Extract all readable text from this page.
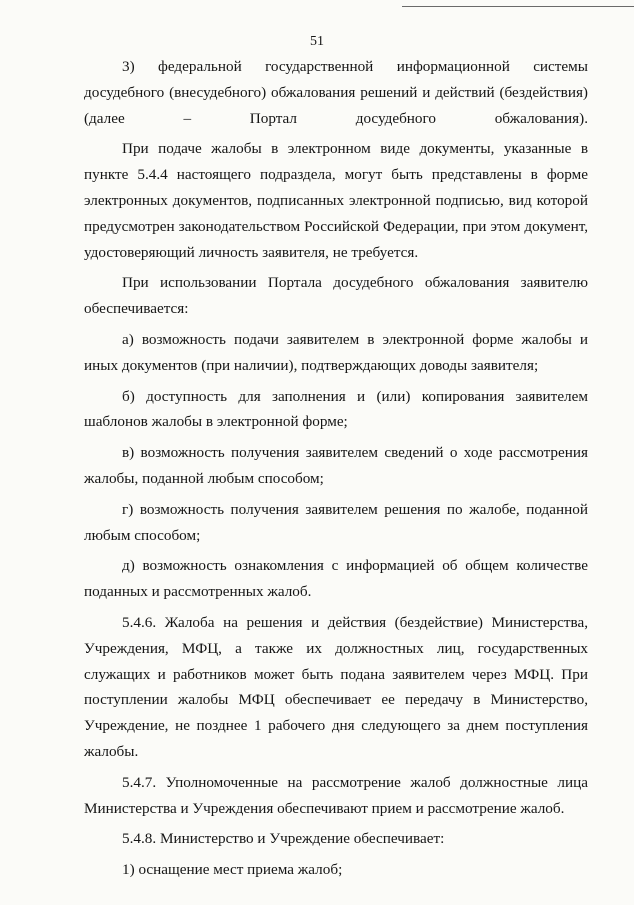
51

3) федеральной государственной информационной системы досудебного (внесудебного) обжалования решений и действий (бездействия) (далее – Портал досудебного обжалования).

При подаче жалобы в электронном виде документы, указанные в пункте 5.4.4 настоящего подраздела, могут быть представлены в форме электронных документов, подписанных электронной подписью, вид которой предусмотрен законодательством Российской Федерации, при этом документ, удостоверяющий личность заявителя, не требуется.

При использовании Портала досудебного обжалования заявителю обеспечивается:

а) возможность подачи заявителем в электронной форме жалобы и иных документов (при наличии), подтверждающих доводы заявителя;

б) доступность для заполнения и (или) копирования заявителем шаблонов жалобы в электронной форме;

в) возможность получения заявителем сведений о ходе рассмотрения жалобы, поданной любым способом;

г) возможность получения заявителем решения по жалобе, поданной любым способом;

д) возможность ознакомления с информацией об общем количестве поданных и рассмотренных жалоб.

5.4.6. Жалоба на решения и действия (бездействие) Министерства, Учреждения, МФЦ, а также их должностных лиц, государственных служащих и работников может быть подана заявителем через МФЦ. При поступлении жалобы МФЦ обеспечивает ее передачу в Министерство, Учреждение, не позднее 1 рабочего дня следующего за днем поступления жалобы.

5.4.7. Уполномоченные на рассмотрение жалоб должностные лица Министерства и Учреждения обеспечивают прием и рассмотрение жалоб.

5.4.8. Министерство и Учреждение обеспечивает:

1) оснащение мест приема жалоб;
